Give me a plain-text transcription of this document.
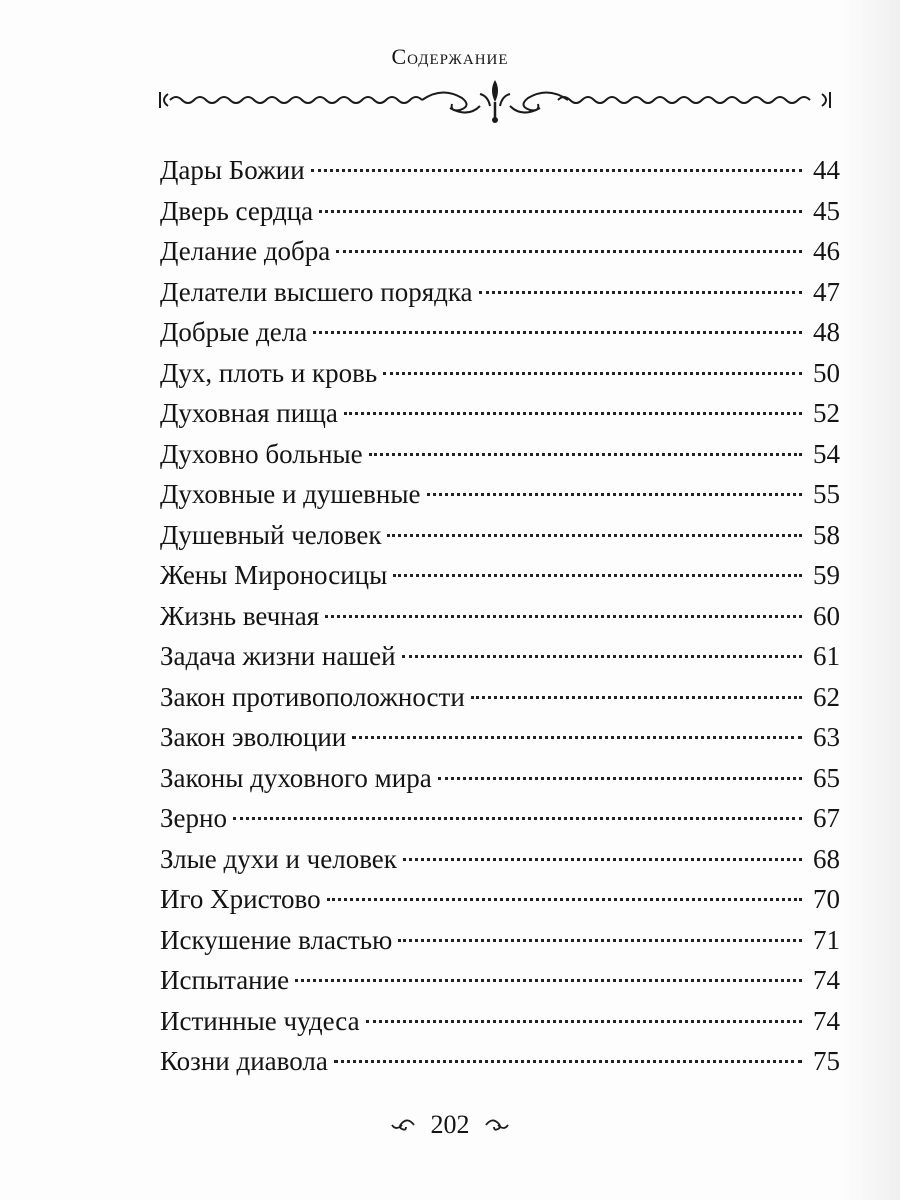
Содержание
Дары Божии	44
Дверь сердца	45
Делание добра	46
Делатели высшего порядка	47
Добрые дела	48
Дух, плоть и кровь	50
Духовная пища	52
Духовно больные	54
Духовные и душевные	55
Душевный человек	58
Жены Мироносицы	59
Жизнь вечная	60
Задача жизни нашей	61
Закон противоположности	62
Закон эволюции	63
Законы духовного мира	65
Зерно	67
Злые духи и человек	68
Иго Христово	70
Искушение властью	71
Испытание	74
Истинные чудеса	74
Козни диавола	75
202
